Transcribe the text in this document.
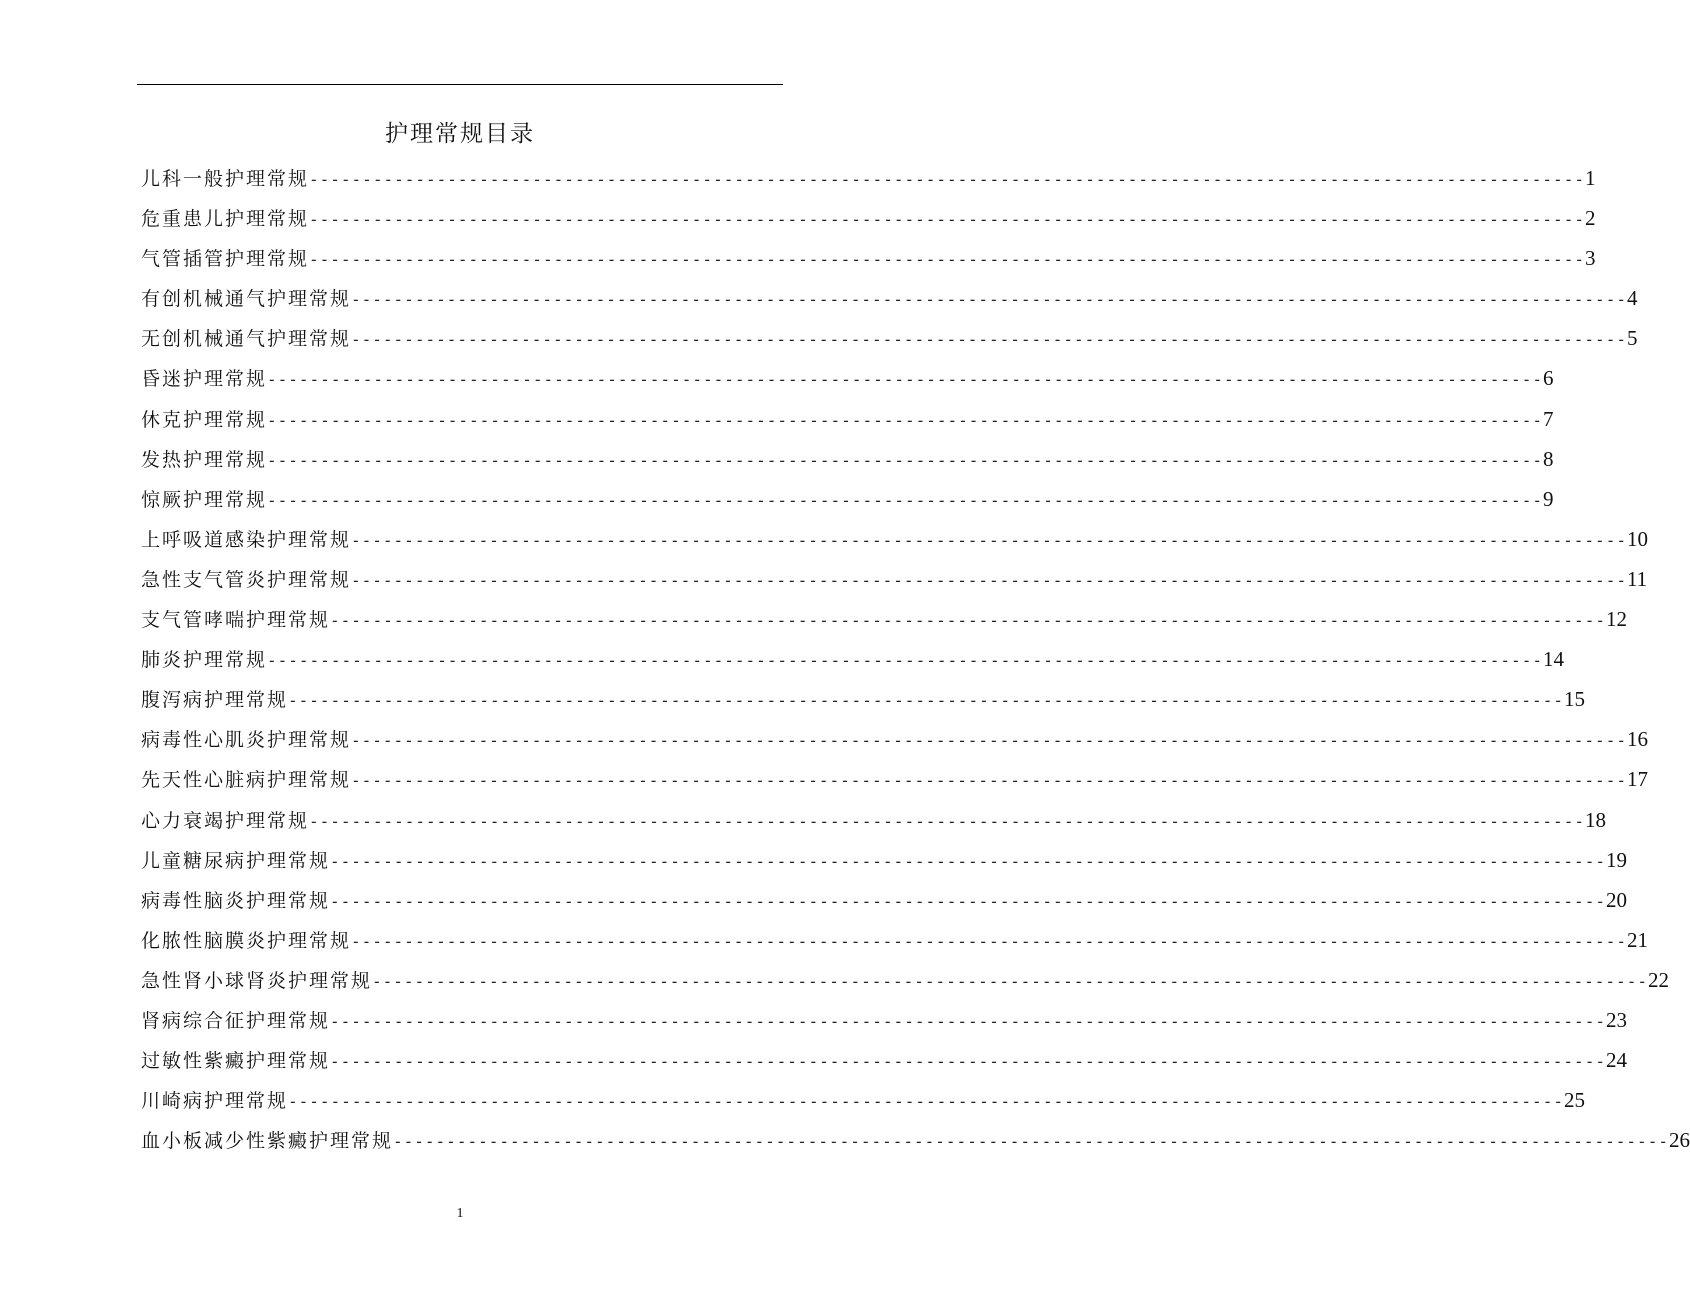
护理常规目录
儿科一般护理常规 ------------------------------------------------------------------------------------------------------------------------ 1
危重患儿护理常规 ------------------------------------------------------------------------------------------------------------------------ 2
气管插管护理常规 ------------------------------------------------------------------------------------------------------------------------ 3
有创机械通气护理常规 ------------------------------------------------------------------------------------------------------------------------ 4
无创机械通气护理常规 ------------------------------------------------------------------------------------------------------------------------ 5
昏迷护理常规 ------------------------------------------------------------------------------------------------------------------------ 6
休克护理常规 ------------------------------------------------------------------------------------------------------------------------ 7
发热护理常规 ------------------------------------------------------------------------------------------------------------------------ 8
惊厥护理常规 ------------------------------------------------------------------------------------------------------------------------ 9
上呼吸道感染护理常规 ------------------------------------------------------------------------------------------------------------------------ 10
急性支气管炎护理常规 ------------------------------------------------------------------------------------------------------------------------ 11
支气管哮喘护理常规 ------------------------------------------------------------------------------------------------------------------------ 12
肺炎护理常规 ------------------------------------------------------------------------------------------------------------------------ 14
腹泻病护理常规 ------------------------------------------------------------------------------------------------------------------------ 15
病毒性心肌炎护理常规 ------------------------------------------------------------------------------------------------------------------------ 16
先天性心脏病护理常规 ------------------------------------------------------------------------------------------------------------------------ 17
心力衰竭护理常规 ------------------------------------------------------------------------------------------------------------------------ 18
儿童糖尿病护理常规 ------------------------------------------------------------------------------------------------------------------------ 19
病毒性脑炎护理常规 ------------------------------------------------------------------------------------------------------------------------ 20
化脓性脑膜炎护理常规 ------------------------------------------------------------------------------------------------------------------------ 21
急性肾小球肾炎护理常规 ------------------------------------------------------------------------------------------------------------------------ 22
肾病综合征护理常规 ------------------------------------------------------------------------------------------------------------------------ 23
过敏性紫癜护理常规 ------------------------------------------------------------------------------------------------------------------------ 24
川崎病护理常规 ------------------------------------------------------------------------------------------------------------------------ 25
血小板减少性紫癜护理常规 ------------------------------------------------------------------------------------------------------------------------ 26
1
